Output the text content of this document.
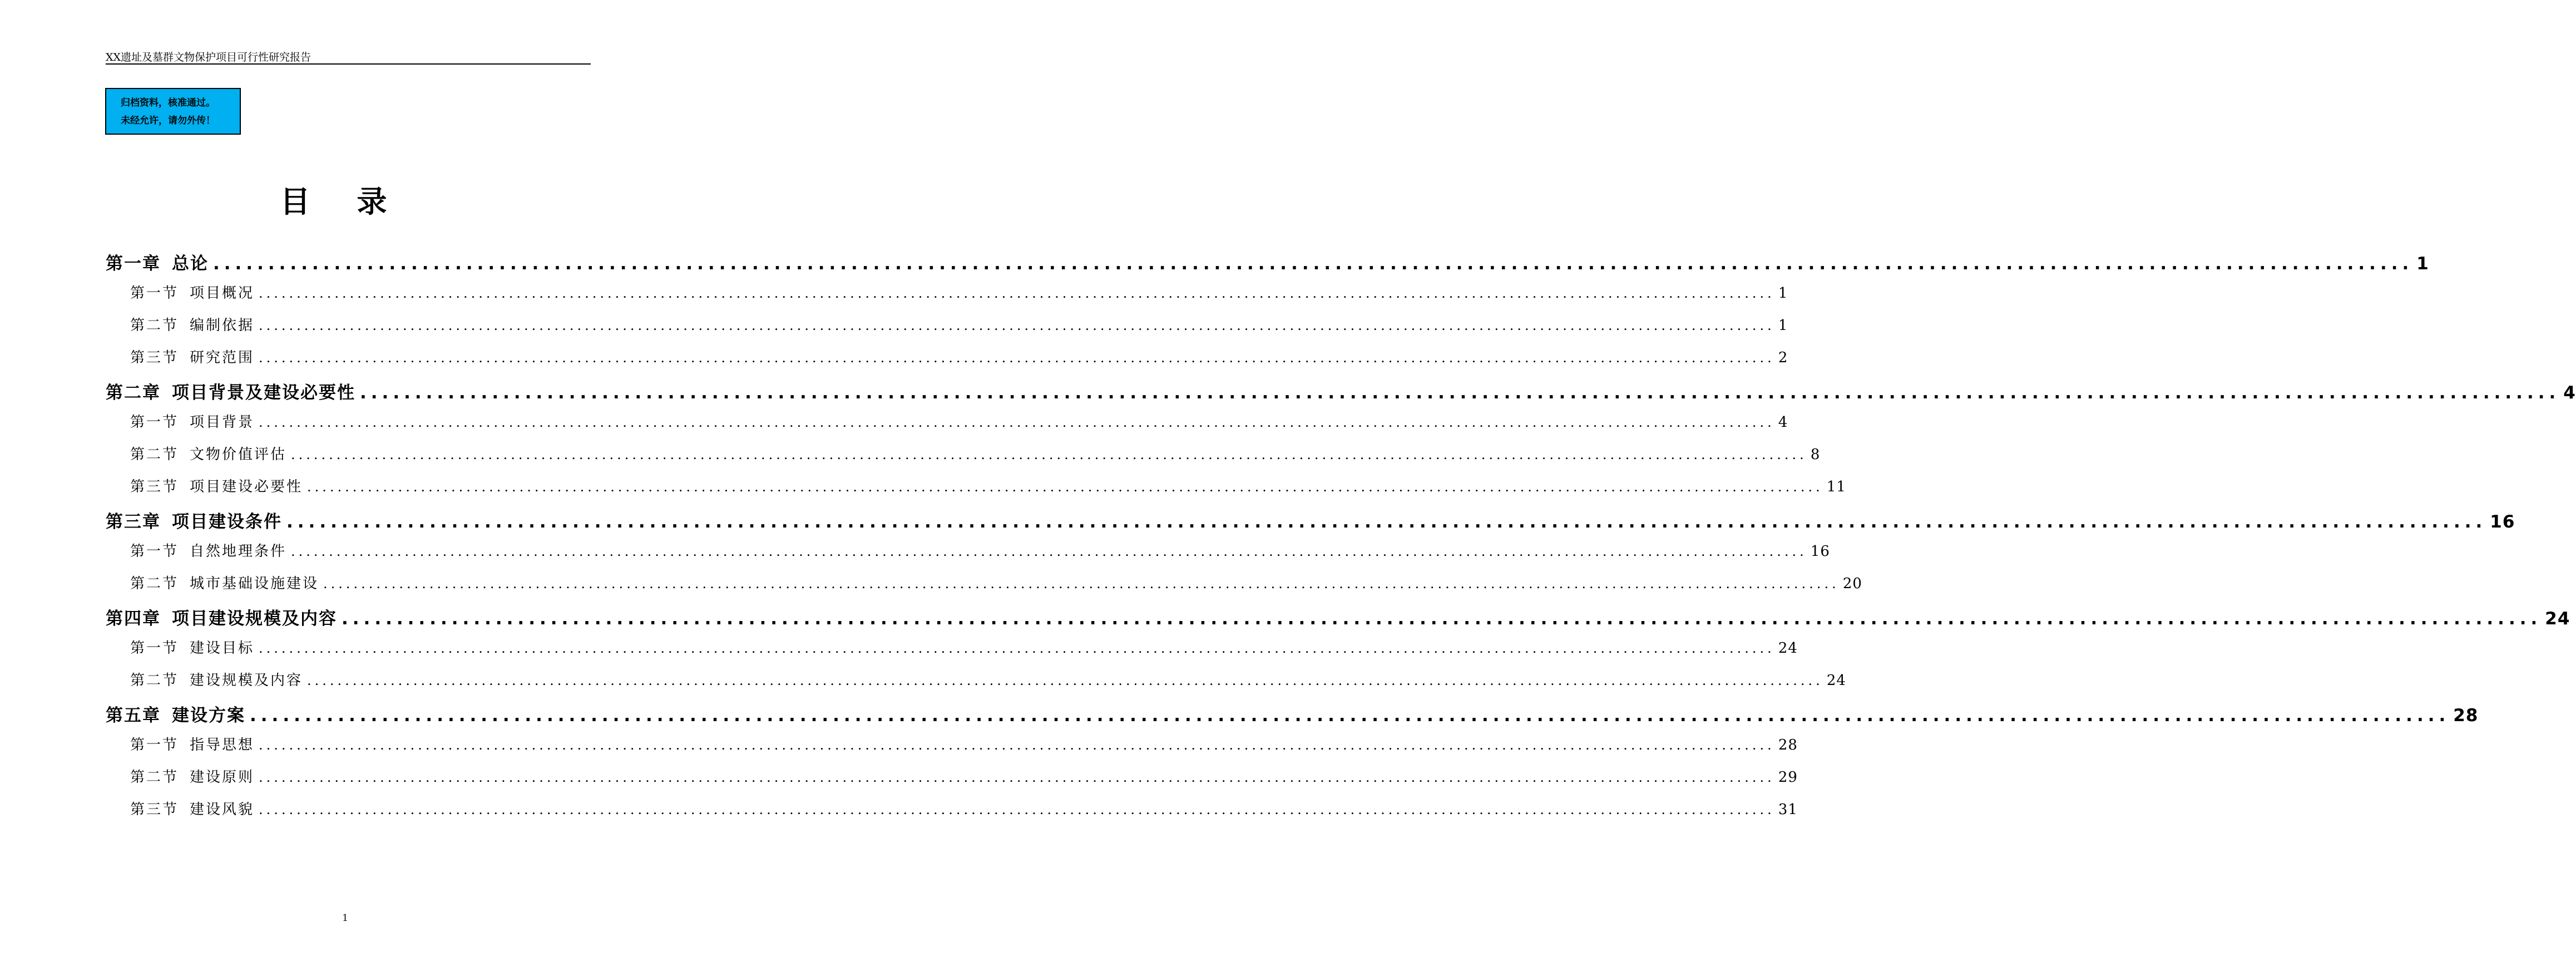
XX遗址及墓群文物保护项目可行性研究报告
归档资料，核准通过。
未经允许，请勿外传！
目录
第一章 总论 ........................................................................................................................................................................................................ 1
第一节 项目概况 ........................................................................................................................................................................................................ 1
第二节 编制依据 ........................................................................................................................................................................................................ 1
第三节 研究范围 ........................................................................................................................................................................................................ 2
第二章 项目背景及建设必要性 ........................................................................................................................................................................................................ 4
第一节 项目背景 ........................................................................................................................................................................................................ 4
第二节 文物价值评估 ........................................................................................................................................................................................................ 8
第三节 项目建设必要性 ........................................................................................................................................................................................................ 11
第三章 项目建设条件 ........................................................................................................................................................................................................ 16
第一节 自然地理条件 ........................................................................................................................................................................................................ 16
第二节 城市基础设施建设 ........................................................................................................................................................................................................ 20
第四章 项目建设规模及内容 ........................................................................................................................................................................................................ 24
第一节 建设目标 ........................................................................................................................................................................................................ 24
第二节 建设规模及内容 ........................................................................................................................................................................................................ 24
第五章 建设方案 ........................................................................................................................................................................................................ 28
第一节 指导思想 ........................................................................................................................................................................................................ 28
第二节 建设原则 ........................................................................................................................................................................................................ 29
第三节 建设风貌 ........................................................................................................................................................................................................ 31
1
